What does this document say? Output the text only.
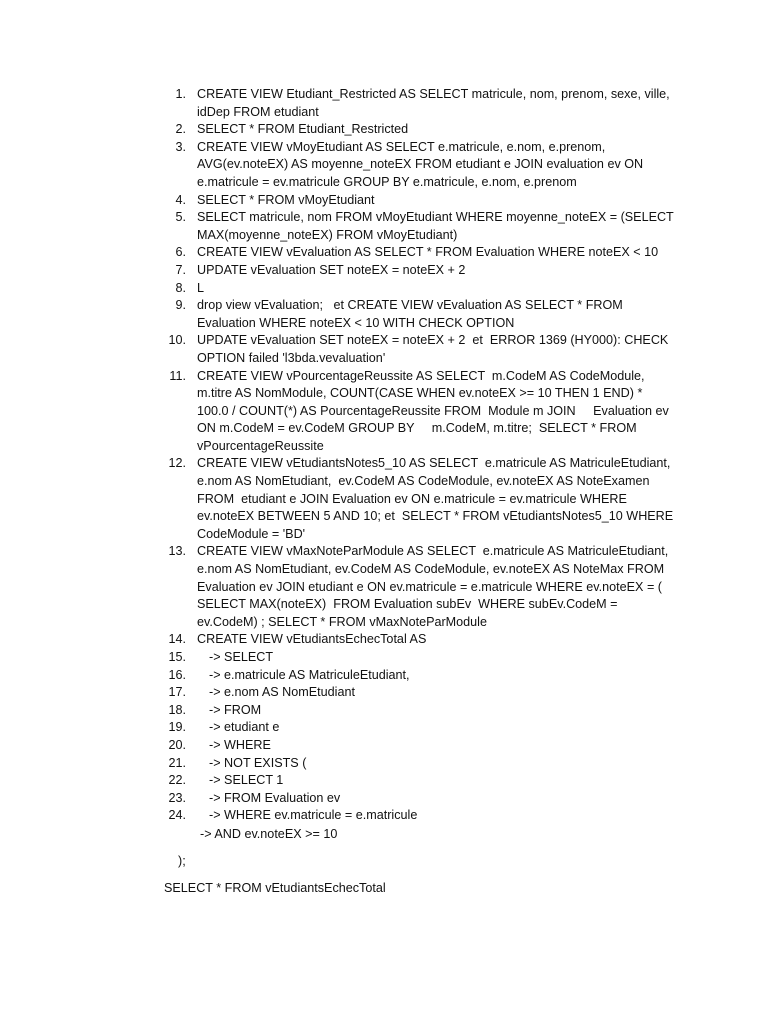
1. CREATE VIEW Etudiant_Restricted AS SELECT matricule, nom, prenom, sexe, ville, idDep FROM etudiant
2. SELECT * FROM Etudiant_Restricted
3. CREATE VIEW vMoyEtudiant AS SELECT e.matricule, e.nom, e.prenom, AVG(ev.noteEX) AS moyenne_noteEX FROM etudiant e JOIN evaluation ev ON e.matricule = ev.matricule GROUP BY e.matricule, e.nom, e.prenom
4. SELECT * FROM vMoyEtudiant
5. SELECT matricule, nom FROM vMoyEtudiant WHERE moyenne_noteEX = (SELECT MAX(moyenne_noteEX) FROM vMoyEtudiant)
6. CREATE VIEW vEvaluation AS SELECT * FROM Evaluation WHERE noteEX < 10
7. UPDATE vEvaluation SET noteEX = noteEX + 2
8. L
9. drop view vEvaluation;   et CREATE VIEW vEvaluation AS SELECT * FROM Evaluation WHERE noteEX < 10 WITH CHECK OPTION
10. UPDATE vEvaluation SET noteEX = noteEX + 2  et  ERROR 1369 (HY000): CHECK OPTION failed 'l3bda.vevaluation'
11. CREATE VIEW vPourcentageReussite AS SELECT  m.CodeM AS CodeModule, m.titre AS NomModule, COUNT(CASE WHEN ev.noteEX >= 10 THEN 1 END) * 100.0 / COUNT(*) AS PourcentageReussite FROM  Module m JOIN     Evaluation ev ON m.CodeM = ev.CodeM GROUP BY     m.CodeM, m.titre;  SELECT * FROM vPourcentageReussite
12. CREATE VIEW vEtudiantsNotes5_10 AS SELECT  e.matricule AS MatriculeEtudiant, e.nom AS NomEtudiant,  ev.CodeM AS CodeModule, ev.noteEX AS NoteExamen FROM  etudiant e JOIN Evaluation ev ON e.matricule = ev.matricule WHERE ev.noteEX BETWEEN 5 AND 10; et  SELECT * FROM vEtudiantsNotes5_10 WHERE CodeModule = 'BD'
13. CREATE VIEW vMaxNoteParModule AS SELECT  e.matricule AS MatriculeEtudiant, e.nom AS NomEtudiant, ev.CodeM AS CodeModule, ev.noteEX AS NoteMax FROM Evaluation ev JOIN etudiant e ON ev.matricule = e.matricule WHERE ev.noteEX = ( SELECT MAX(noteEX)  FROM Evaluation subEv  WHERE subEv.CodeM = ev.CodeM) ; SELECT * FROM vMaxNoteParModule
14. CREATE VIEW vEtudiantsEchecTotal AS
15.	-> SELECT
16.	-> e.matricule AS MatriculeEtudiant,
17.	-> e.nom AS NomEtudiant
18.	-> FROM
19.	-> etudiant e
20.	-> WHERE
21.	-> NOT EXISTS (
22.	-> SELECT 1
23.	-> FROM Evaluation ev
24.	-> WHERE ev.matricule = e.matricule
-> AND ev.noteEX >= 10
);
SELECT * FROM vEtudiantsEchecTotal
